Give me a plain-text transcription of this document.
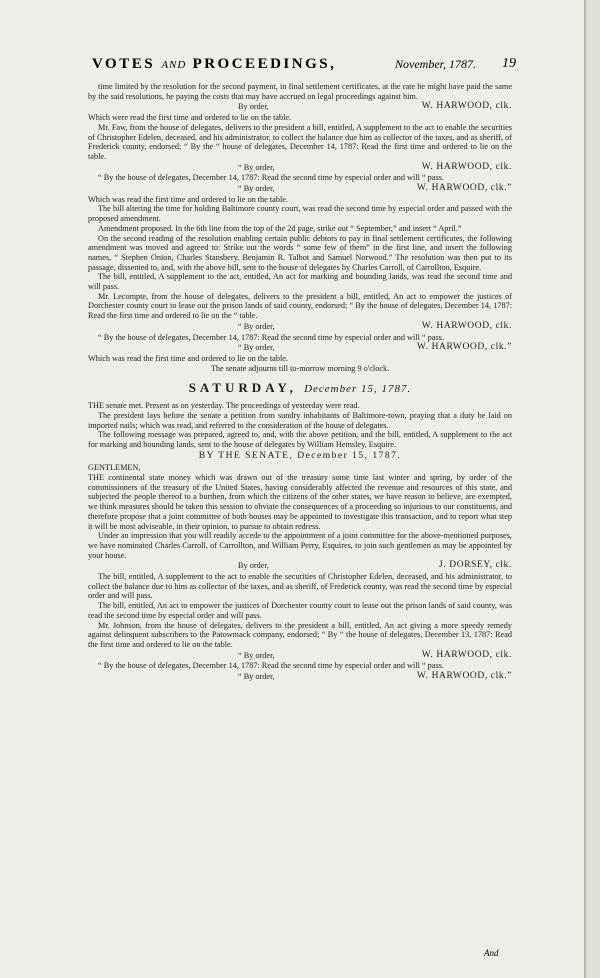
VOTES AND PROCEEDINGS,	November, 1787. 19

time limited by the resolution for the second payment, in final settlement certificates, at the rate he might have paid the same by the said resolutions, he paying the costs that may have accrued on legal proceedings against him.

By order,	W. HARWOOD, clk.

Which were read the first time and ordered to lie on the table.

Mr. Faw, from the house of delegates, delivers to the president a bill, entitled, A supplement to the act to enable the securities of Christopher Edelen, deceased, and his administrator, to collect the balance due him as collector of the taxes, and as sheriff, of Frederick county, endorsed; “ By the “ house of delegates, December 14, 1787: Read the first time and ordered to lie on the table.

“ By order,	W. HARWOOD, clk.

“ By the house of delegates, December 14, 1787: Read the second time by especial order and will “ pass.

“ By order,	W. HARWOOD, clk.”

Which was read the first time and ordered to lie on the table.

The bill altering the time for holding Baltimore county court, was read the second time by especial order and passed with the proposed amendment.

Amendment proposed. In the 6th line from the top of the 2d page, strike out “ September,” and insert “ April.”

On the second reading of the resolution enabling certain public debtors to pay in final settlement certificates, the following amendment was moved and agreed to: Strike out the words “ some few of them” in the first line, and insert the following names, “ Stephen Onion, Charles Stansbery, Benjamin R. Talbot and Samuel Norwood.” The resolution was then put to its passage, dissented to, and, with the above bill, sent to the house of delegates by Charles Carroll, of Carrollton, Esquire.

The bill, entitled, A supplement to the act, entitled, An act for marking and bounding lands, was read the second time and will pass.

Mr. Lecompte, from the house of delegates, delivers to the president a bill, entitled, An act to empower the justices of Dorchester county court to lease out the prison lands of said county, endorsed; “ By the house of delegates, December 14, 1787: Read the first time and ordered to lie on the “ table.

“ By order,	W. HARWOOD, clk.

“ By the house of delegates, December 14, 1787: Read the second time by especial order and will “ pass.

“ By order,	W. HARWOOD, clk.”

Which was read the first time and ordered to lie on the table.

The senate adjourns till to-morrow morning 9 o'clock.

SATURDAY, December 15, 1787.

THE senate met. Present as on yesterday. The proceedings of yesterday were read.

The president lays before the senate a petition from sundry inhabitants of Baltimore-town, praying that a duty be laid on imported nails; which was read, and referred to the consideration of the house of delegates.

The following message was prepared, agreed to, and, with the above petition, and the bill, entitled, A supplement to the act for marking and bounding lands, sent to the house of delegates by William Hemsley, Esquire.

BY THE SENATE, December 15, 1787.

GENTLEMEN,

THE continental state money which was drawn out of the treasury some time last winter and spring, by order of the commissioners of the treasury of the United States, having considerably affected the revenue and resources of this state, and subjected the people thereof to a burthen, from which the citizens of the other states, we have reason to believe, are exempted, we think measures should be taken this session to obviate the consequences of a proceeding so injurious to our constituents, and therefore propose that a joint committee of both houses may be appointed to investigate this transaction, and to report what step it will be most adviseable, in their opinion, to pursue to obtain redress.

Under an impression that you will readily accede to the appointment of a joint committee for the above-mentioned purposes, we have nominated Charles Carroll, of Carrollton, and William Perry, Esquires, to join such gentlemen as may be appointed by your house.

By order,	J. DORSEY, clk.

The bill, entitled, A supplement to the act to enable the securities of Christopher Edelen, deceased, and his administrator, to collect the balance due to him as collector of the taxes, and as sheriff, of Frederick county, was read the second time by especial order and will pass.

The bill, entitled, An act to empower the justices of Dorchester county court to lease out the prison lands of said county, was read the second time by especial order and will pass.

Mr. Johnson, from the house of delegates, delivers to the president a bill, entitled, An act giving a more speedy remedy against delinquent subscribers to the Patowmack company, endorsed; “ By “ the house of delegates, December 13, 1787: Read the first time and ordered to lie on the table.

“ By order,	W. HARWOOD, clk.

“ By the house of delegates, December 14, 1787: Read the second time by especial order and will “ pass.

“ By order,	W. HARWOOD, clk.”
And
